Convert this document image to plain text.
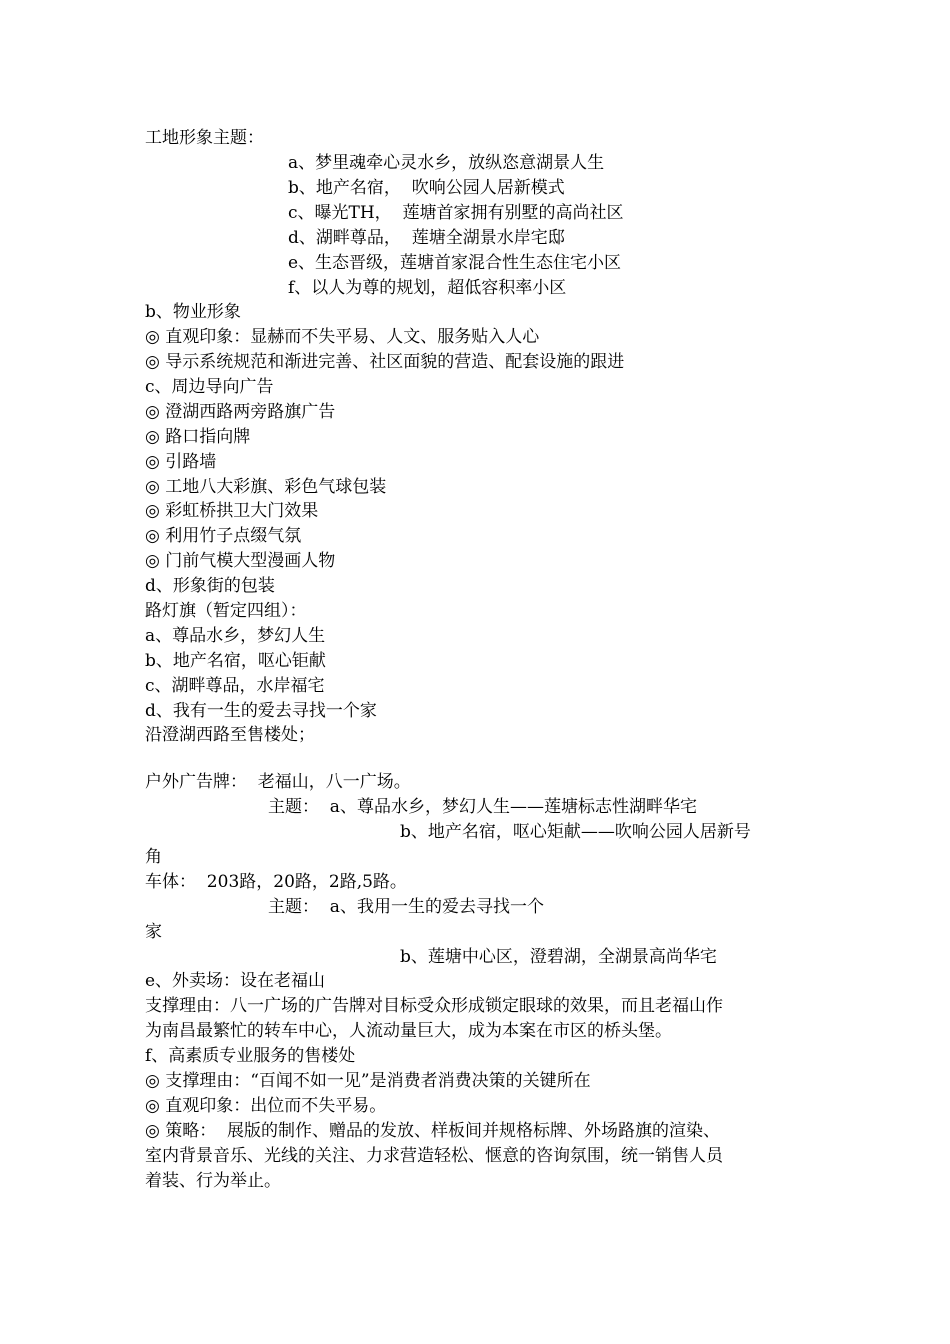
工地形象主题：
a、梦里魂牵心灵水乡，放纵恣意湖景人生
b、地产名宿，  吹响公园人居新模式
c、曝光TH，  莲塘首家拥有别墅的高尚社区
d、湖畔尊品，  莲塘全湖景水岸宅邸
e、生态晋级，莲塘首家混合性生态住宅小区
f、以人为尊的规划，超低容积率小区
b、物业形象
◎ 直观印象：显赫而不失平易、人文、服务贴入人心
◎ 导示系统规范和渐进完善、社区面貌的营造、配套设施的跟进
c、周边导向广告
◎ 澄湖西路两旁路旗广告
◎ 路口指向牌
◎ 引路墙
◎ 工地八大彩旗、彩色气球包装
◎ 彩虹桥拱卫大门效果
◎ 利用竹子点缀气氛
◎ 门前气模大型漫画人物
d、形象街的包装
路灯旗（暂定四组）：
a、尊品水乡，梦幻人生
b、地产名宿，呕心钜献
c、湖畔尊品，水岸福宅
d、我有一生的爱去寻找一个家
沿澄湖西路至售楼处；
户外广告牌：  老福山，八一广场。
主题：  a、尊品水乡，梦幻人生——莲塘标志性湖畔华宅
b、地产名宿，呕心矩献——吹响公园人居新号
角
车体：  203路，20路，2路,5路。
主题：  a、我用一生的爱去寻找一个
家
b、莲塘中心区，澄碧湖，全湖景高尚华宅
e、外卖场：设在老福山
支撑理由：八一广场的广告牌对目标受众形成锁定眼球的效果，而且老福山作
为南昌最繁忙的转车中心，人流动量巨大，成为本案在市区的桥头堡。
f、高素质专业服务的售楼处
◎ 支撑理由：“百闻不如一见”是消费者消费决策的关键所在
◎ 直观印象：出位而不失平易。
◎ 策略：  展版的制作、赠品的发放、样板间并规格标牌、外场路旗的渲染、
室内背景音乐、光线的关注、力求营造轻松、惬意的咨询氛围，统一销售人员
着装、行为举止。
